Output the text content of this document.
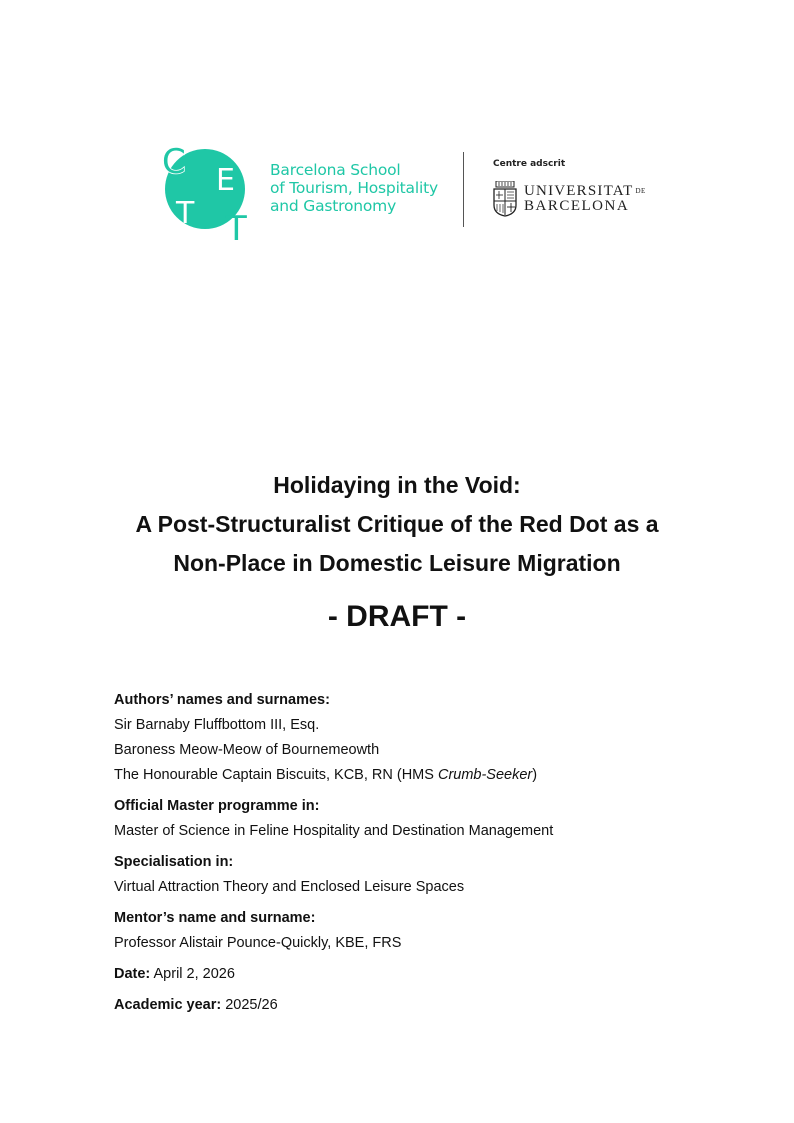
C E
T T
Barcelona School
of Tourism, Hospitality
and Gastronomy
Centre adscrit
UNIVERSITAT DE
BARCELONA
Holidaying in the Void:
A Post-Structuralist Critique of the Red Dot as a
Non-Place in Domestic Leisure Migration
- DRAFT -
Authors’ names and surnames:
Sir Barnaby Fluffbottom III, Esq.
Baroness Meow-Meow of Bournemeowth
The Honourable Captain Biscuits, KCB, RN (HMS Crumb-Seeker)
Official Master programme in:
Master of Science in Feline Hospitality and Destination Management
Specialisation in:
Virtual Attraction Theory and Enclosed Leisure Spaces
Mentor’s name and surname:
Professor Alistair Pounce-Quickly, KBE, FRS
Date: April 2, 2026
Academic year: 2025/26
